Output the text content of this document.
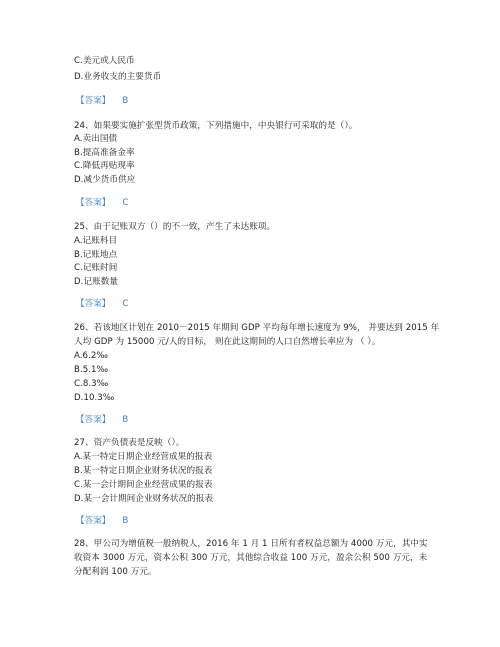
C.美元或人民币
D.业务收支的主要货币
【答案】 B
24、如果要实施扩张型货币政策，下列措施中，中央银行可采取的是（）。
A.卖出国债
B.提高准备金率
C.降低再贴现率
D.减少货币供应
【答案】 C
25、由于记账双方（）的不一致，产生了未达账项。
A.记账科目
B.记账地点
C.记账时间
D.记账数量
【答案】 C
26、若该地区计划在 2010－2015 年期间 GDP 平均每年增长速度为 9%， 并要达到 2015 年
人均 GDP 为 15000 元/人的目标， 则在此这期间的人口自然增长率应为 （ ）。
A.6.2‰
B.5.1‰
C.8.3‰
D.10.3‰
【答案】 B
27、资产负债表是反映（）。
A.某一特定日期企业经营成果的报表
B.某一特定日期企业财务状况的报表
C.某一会计期间企业经营成果的报表
D.某一会计期间企业财务状况的报表
【答案】 B
28、甲公司为增值税一般纳税人，2016 年 1 月 1 日所有者权益总额为 4000 万元，其中实
收资本 3000 万元，资本公积 300 万元，其他综合收益 100 万元，盈余公积 500 万元，未
分配利润 100 万元。
